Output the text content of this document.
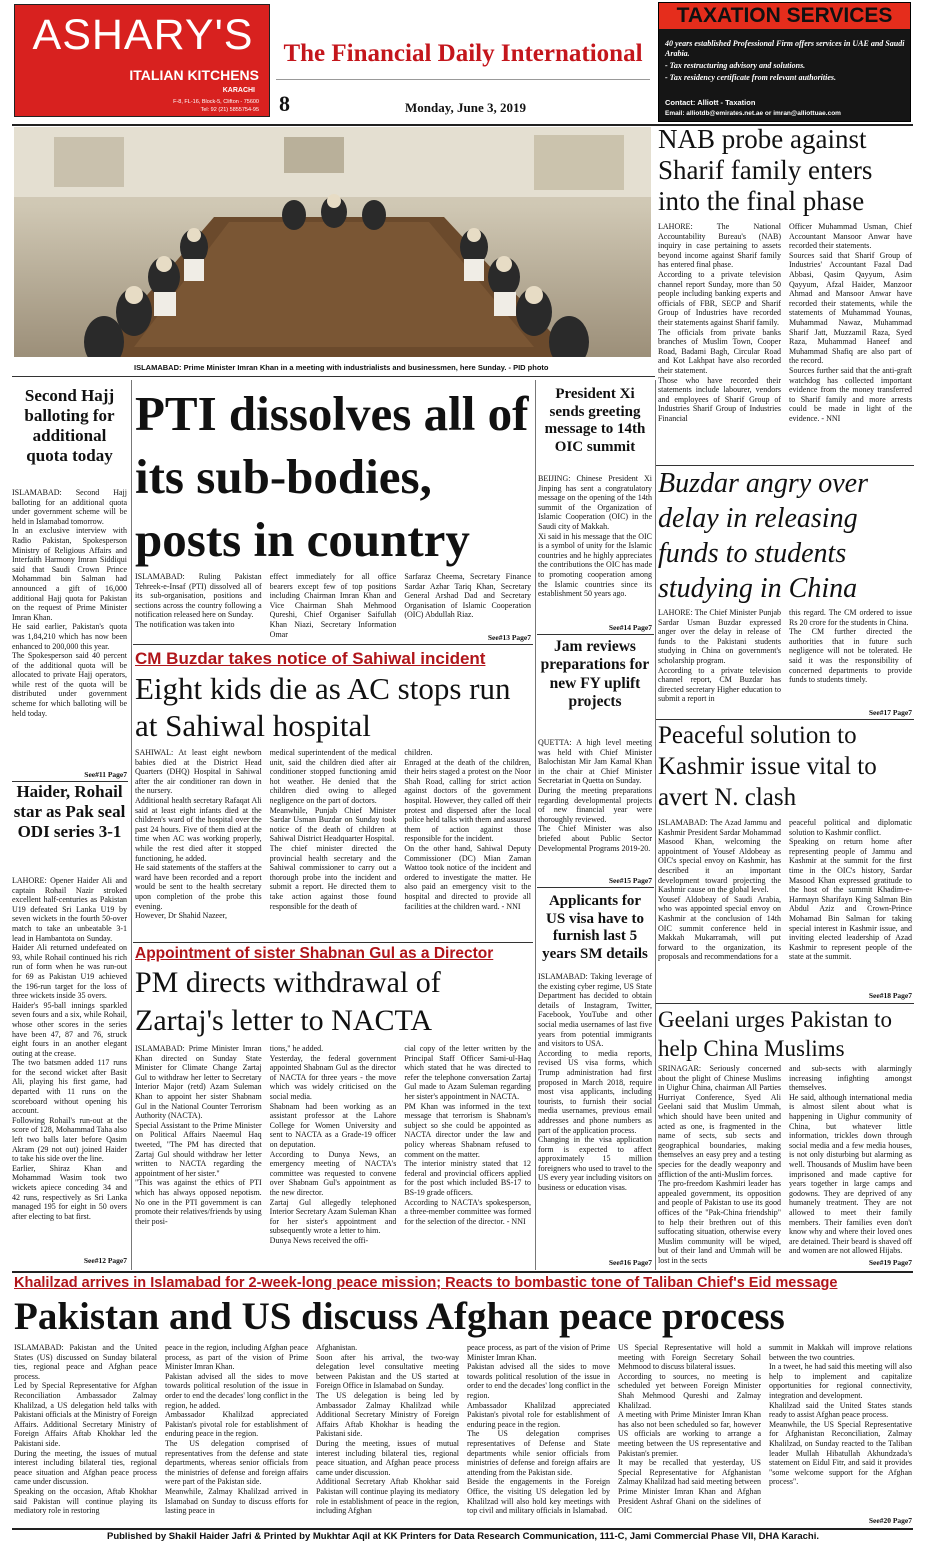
ASHARY'S
ITALIAN KITCHENS
KARACHI
F-8, FL-16, Block-5, Clifton - 75600
Tel: 92 (21) 5855754-95
The Financial Daily International
8	Monday, June 3, 2019
TAXATION SERVICES
40 years established Professional Firm offers services in UAE and Saudi Arabia.
- Tax restructuring advisory and solutions.
- Tax residency certificate from relevant authorities.
Contact: Alliott - Taxation
Email: alliotdb@emirates.net.ae or imran@alliottuae.com
ISLAMABAD: Prime Minister Imran Khan in a meeting with industrialists and businessmen, here Sunday. - PID photo
NAB probe against Sharif family enters into the final phase
LAHORE: The National Accountability Bureau's (NAB) inquiry in case pertaining to assets beyond income against Sharif family has entered final phase.
According to a private television channel report Sunday, more than 50 people including banking experts and officials of FBR, SECP and Sharif Group of Industries have recorded their statements against Sharif family.
The officials from private banks branches of Muslim Town, Cooper Road, Badami Bagh, Circular Road and Kot Lakhpat have also recorded their statement.
Those who have recorded their statements include labourer, vendors and employees of Sharif Group of Industries Sharif Group of Industries Financial
Officer Muhammad Usman, Chief Accountant Mansoor Anwar have recorded their statements.
Sources said that Sharif Group of Industries' Accountant Fazal Dad Abbasi, Qasim Qayyum, Asim Qayyum, Afzal Haider, Manzoor Ahmad and Mansoor Anwar have recorded their statements, while the statements of Muhammad Younas, Muhammad Nawaz, Muhammad Sharif Jatt, Muzzamil Raza, Syed Raza, Muhammad Haneef and Muhammad Shafiq are also part of the record.
Sources further said that the anti-graft watchdog has collected important evidence from the money transferred to Sharif family and more arrests could be made in light of the evidence. - NNI
Second Hajj balloting for additional quota today
ISLAMABAD: Second Hajj balloting for an additional quota under government scheme will be held in Islamabad tomorrow.
In an exclusive interview with Radio Pakistan, Spokesperson Ministry of Religious Affairs and Interfaith Harmony Imran Siddiqui said that Saudi Crown Prince Mohammad bin Salman had announced a gift of 16,000 additional Hajj quota for Pakistan on the request of Prime Minister Imran Khan.
He said earlier, Pakistan's quota was 1,84,210 which has now been enhanced to 200,000 this year.
The Spokesperson said 40 percent of the additional quota will be allocated to private Hajj operators, while rest of the quota will be distributed under government scheme for which balloting will be held today.
See#11 Page7
Haider, Rohail star as Pak seal ODI series 3-1
LAHORE: Opener Haider Ali and captain Rohail Nazir stroked excellent half-centuries as Pakistan U19 defeated Sri Lanka U19 by seven wickets in the fourth 50-over match to take an unbeatable 3-1 lead in Hambantota on Sunday.
Haider Ali returned undefeated on 93, while Rohail continued his rich run of form when he was run-out for 69 as Pakistan U19 achieved the 196-run target for the loss of three wickets inside 35 overs.
Haider's 95-ball innings sparkled seven fours and a six, while Rohail, whose other scores in the series have been 47, 87 and 76, struck eight fours in an another elegant outing at the crease.
The two batsmen added 117 runs for the second wicket after Basit Ali, playing his first game, had departed with 11 runs on the scoreboard without opening his account.
Following Rohail's run-out at the score of 128, Mohammad Taha also left two balls later before Qasim Akram (29 not out) joined Haider to take his side over the line.
Earlier, Shiraz Khan and Mohammad Wasim took two wickets apiece conceding 34 and 42 runs, respectively as Sri Lanka managed 195 for eight in 50 overs after electing to bat first.
See#12 Page7
PTI dissolves all of its sub-bodies, posts in country
ISLAMABAD: Ruling Pakistan Tehreek-e-Insaf (PTI) dissolved all of its sub-organisation, positions and sections across the country following a notification released here on Sunday.
The notification was taken into
effect immediately for all office bearers except few of top positions including Chairman Imran Khan and Vice Chairman Shah Mehmood Qureshi, Chief Organiser Saifullah Khan Niazi, Secretary Information Omar
Sarfaraz Cheema, Secretary Finance Sardar Azhar Tariq Khan, Secretary General Arshad Dad and Secretary Organisation of Islamic Cooperation (OIC) Abdullah Riaz.
See#13 Page7
President Xi sends greeting message to 14th OIC summit
BEIJING: Chinese President Xi Jinping has sent a congratulatory message on the opening of the 14th summit of the Organization of Islamic Cooperation (OIC) in the Saudi city of Makkah.
Xi said in his message that the OIC is a symbol of unity for the Islamic countries and he highly appreciates the contributions the OIC has made to promoting cooperation among the Islamic countries since its establishment 50 years ago.
See#14 Page7
Buzdar angry over delay in releasing funds to students studying in China
LAHORE: The Chief Minister Punjab Sardar Usman Buzdar expressed anger over the delay in release of funds to the Pakistani students studying in China on government's scholarship program.
According to a private television channel report, CM Buzdar has directed secretary Higher education to submit a report in
this regard. The CM ordered to issue Rs 20 crore for the students in China.
The CM further directed the authorities that in future such negligence will not be tolerated. He said it was the responsibility of concerned departments to provide funds to students timely.
See#17 Page7
CM Buzdar takes notice of Sahiwal incident
Eight kids die as AC stops run at Sahiwal hospital
SAHIWAL: At least eight newborn babies died at the District Head Quarters (DHQ) Hospital in Sahiwal after the air conditioner ran down in the nursery.
Additional health secretary Rafaqat Ali said at least eight infants died at the children's ward of the hospital over the past 24 hours. Five of them died at the time when AC was working properly, while the rest died after it stopped functioning, he added.
He said statements of the staffers at the ward have been recorded and a report would be sent to the health secretary upon completion of the probe this evening.
However, Dr Shahid Nazeer,
medical superintendent of the medical unit, said the children died after air conditioner stopped functioning amid hot weather. He denied that the children died owing to alleged negligence on the part of doctors.
Meanwhile, Punjab Chief Minister Sardar Usman Buzdar on Sunday took notice of the death of children at Sahiwal District Headquarter Hospital.
The chief minister directed the provincial health secretary and the Sahiwal commissioner to carry out a thorough probe into the incident and submit a report. He directed them to take action against those found responsible for the death of
children.
Enraged at the death of the children, their heirs staged a protest on the Noor Shah Road, calling for strict action against doctors of the government hospital. However, they called off their protest and dispersed after the local police held talks with them and assured them of action against those responsible for the incident.
On the other hand, Sahiwal Deputy Commissioner (DC) Mian Zaman Wattoo took notice of the incident and ordered to investigate the matter. He also paid an emergency visit to the hospital and directed to provide all facilities at the children ward. - NNI
Jam reviews preparations for new FY uplift projects
QUETTA: A high level meeting was held with Chief Minister Balochistan Mir Jam Kamal Khan in the chair at Chief Minister Secretariat in Quetta on Sunday.
During the meeting preparations regarding developmental projects of new financial year were thoroughly reviewed.
The Chief Minister was also briefed about Public Sector Developmental Programs 2019-20.
See#15 Page7
Peaceful solution to Kashmir issue vital to avert N. clash
ISLAMABAD: The Azad Jammu and Kashmir President Sardar Mohammad Masood Khan, welcoming the appointment of Yousef Aldobeay as OIC's special envoy on Kashmir, has described it an important development toward projecting the Kashmir cause on the global level.
Yousef Aldobeay of Saudi Arabia, who was appointed special envoy on Kashmir at the conclusion of 14th OIC summit conference held in Makkah Mukarramah, will put forward to the organization, its proposals and recommendations for a
peaceful political and diplomatic solution to Kashmir conflict.
Speaking on return home after representing people of Jammu and Kashmir at the summit for the first time in the OIC's history, Sardar Masood Khan expressed gratitude to the host of the summit Khadim-e-Harmayn Sharifayn King Salman Bin Abdul Aziz and Crown-Prince Mohamad Bin Salman for taking special interest in Kashmir issue, and inviting elected leadership of Azad Kashmir to represent people of the state at the summit.
See#18 Page7
Appointment of sister Shabnan Gul as a Director
PM directs withdrawal of Zartaj's letter to NACTA
ISLAMABAD: Prime Minister Imran Khan directed on Sunday State Minister for Climate Change Zartaj Gul to withdraw her letter to Secretary Interior Major (retd) Azam Suleman Khan to appoint her sister Shabnam Gul in the National Counter Terrorism Authority (NACTA).
Special Assistant to the Prime Minister on Political Affairs Naeemul Haq tweeted, "The PM has directed that Zartaj Gul should withdraw her letter written to NACTA regarding the appointment of her sister."
"This was against the ethics of PTI which has always opposed nepotism. No one in the PTI government is can promote their relatives/friends by using their posi-
tions," he added.
Yesterday, the federal government appointed Shabnam Gul as the director of NACTA for three years - the move which was widely criticised on the social media.
Shabnam had been working as an assistant professor at the Lahore College for Women University and sent to NACTA as a Grade-19 officer on deputation.
According to Dunya News, an emergency meeting of NACTA's committee was requested to convene over Shabnam Gul's appointment as the new director.
Zartaj Gul allegedly telephoned Interior Secretary Azam Suleman Khan for her sister's appointment and subsequently wrote a letter to him.
Dunya News received the offi-
cial copy of the letter written by the Principal Staff Officer Sami-ul-Haq which stated that he was directed to refer the telephone conversation Zartaj Gul made to Azam Suleman regarding her sister's appointment in NACTA.
PM Khan was informed in the text message that terrorism is Shabnam's subject so she could be appointed as NACTA director under the law and policy whereas Shabnam refused to comment on the matter.
The interior ministry stated that 12 federal and provincial officers applied for the post which included BS-17 to BS-19 grade officers.
According to NACTA's spokesperson, a three-member committee was formed for the selection of the director. - NNI
Applicants for US visa have to furnish last 5 years SM details
ISLAMABAD: Taking leverage of the existing cyber regime, US State Department has decided to obtain details of Instagram, Twitter, Facebook, YouTube and other social media usernames of last five years from potential immigrants and visitors to USA.
According to media reports, revised US visa forms, which Trump administration had first proposed in March 2018, require most visa applicants, including tourists, to furnish their social media usernames, previous email addresses and phone numbers as part of the application process.
Changing in the visa application form is expected to affect approximately 15 million foreigners who used to travel to the US every year including visitors on business or education visas.
See#16 Page7
Geelani urges Pakistan to help China Muslims
SRINAGAR: Seriously concerned about the plight of Chinese Muslims in Uighur China, chairman All Parties Hurriyat Conference, Syed Ali Geelani said that Muslim Ummah, which should have been united and acted as one, is fragmented in the name of sects, sub sects and geographical boundaries, making themselves an easy prey and a testing species for the deadly weaponry and affliction of the anti-Muslim forces.
The pro-freedom Kashmiri leader has appealed government, its opposition and people of Pakistan to use its good offices of the "Pak-China friendship" to help their brethren out of this suffocating situation, otherwise every Muslim community will be wiped, but of their land and Ummah will be lost in the sects
and sub-sects with alarmingly increasing infighting amongst themselves.
He said, although international media is almost silent about what is happening in Uighur community of China, but whatever little information, trickles down through social media and a few media houses, is not only disturbing but alarming as well. Thousands of Muslim have been imprisoned and made captive for years together in large camps and godowns. They are deprived of any humanely treatment. They are not allowed to meet their family members. Their families even don't know why and where their loved ones are detained. Their beard is shaved off and women are not allowed Hijabs.
See#19 Page7
Khalilzad arrives in Islamabad for 2-week-long peace mission; Reacts to bombastic tone of Taliban Chief's Eid message
Pakistan and US discuss Afghan peace process
ISLAMABAD: Pakistan and the United States (US) discussed on Sunday bilateral ties, regional peace and Afghan peace process.
Led by Special Representative for Afghan Reconciliation Ambassador Zalmay Khalilzad, a US delegation held talks with Pakistani officials at the Ministry of Foreign Affairs. Additional Secretary Ministry of Foreign Affairs Aftab Khokhar led the Pakistani side.
During the meeting, the issues of mutual interest including bilateral ties, regional peace situation and Afghan peace process came under discussion.
Speaking on the occasion, Aftab Khokhar said Pakistan will continue playing its mediatory role in restoring
peace in the region, including Afghan peace process, as part of the vision of Prime Minister Imran Khan.
Pakistan advised all the sides to move towards political resolution of the issue in order to end the decades' long conflict in the region, he added.
Ambassador Khalilzad appreciated Pakistan's pivotal role for establishment of enduring peace in the region.
The US delegation comprised of representatives from the defense and state departments, whereas senior officials from the ministries of defense and foreign affairs were part of the Pakistan side.
Meanwhile, Zalmay Khalilzad arrived in Islamabad on Sunday to discuss efforts for lasting peace in
Afghanistan.
Soon after his arrival, the two-way delegation level consultative meeting between Pakistan and the US started at Foreign Office in Islamabad on Sunday.
The US delegation is being led by Ambassador Zalmay Khalilzad while Additional Secretary Ministry of Foreign Affairs Aftab Khokhar is heading the Pakistani side.
During the meeting, issues of mutual interest including bilateral ties, regional peace situation, and Afghan peace process came under discussion.
Additional Secretary Aftab Khokhar said Pakistan will continue playing its mediatory role in establishment of peace in the region, including Afghan
peace process, as part of the vision of Prime Minister Imran Khan.
Pakistan advised all the sides to move towards political resolution of the issue in order to end the decades' long conflict in the region.
Ambassador Khalilzad appreciated Pakistan's pivotal role for establishment of enduring peace in the region.
The US delegation comprises representatives of Defense and State departments while senior officials from ministries of defense and foreign affairs are attending from the Pakistan side.
Beside the engagements in the Foreign Office, the visiting US delegation led by Khalilzad will also hold key meetings with top civil and military officials in Islamabad.
US Special Representative will hold a meeting with Foreign Secretary Sohail Mehmood to discuss bilateral issues.
According to sources, no meeting is scheduled yet between Foreign Minister Shah Mehmood Qureshi and Zalmay Khalilzad.
A meeting with Prime Minister Imran Khan has also not been scheduled so far, however US officials are working to arrange a meeting between the US representative and Pakistan's premier.
It may be recalled that yesterday, US Special Representative for Afghanistan Zalmay Khalilzad had said meeting between Prime Minister Imran Khan and Afghan President Ashraf Ghani on the sidelines of OIC
summit in Makkah will improve relations between the two countries.
In a tweet, he had said this meeting will also help to implement and capitalize opportunities for regional connectivity, integration and development.
Khalilzad said the United States stands ready to assist Afghan peace process.
Meanwhile, the US Special Representative for Afghanistan Reconciliation, Zalmay Khalilzad, on Sunday reacted to the Taliban leader Mullah Hibatullah Akhundzada's statement on Eidul Fitr, and said it provides "some welcome support for the Afghan process".
See#20 Page7
Published by Shakil Haider Jafri & Printed by Mukhtar Aqil at KK Printers for Data Research Communication, 111-C, Jami Commercial Phase VII, DHA Karachi.
